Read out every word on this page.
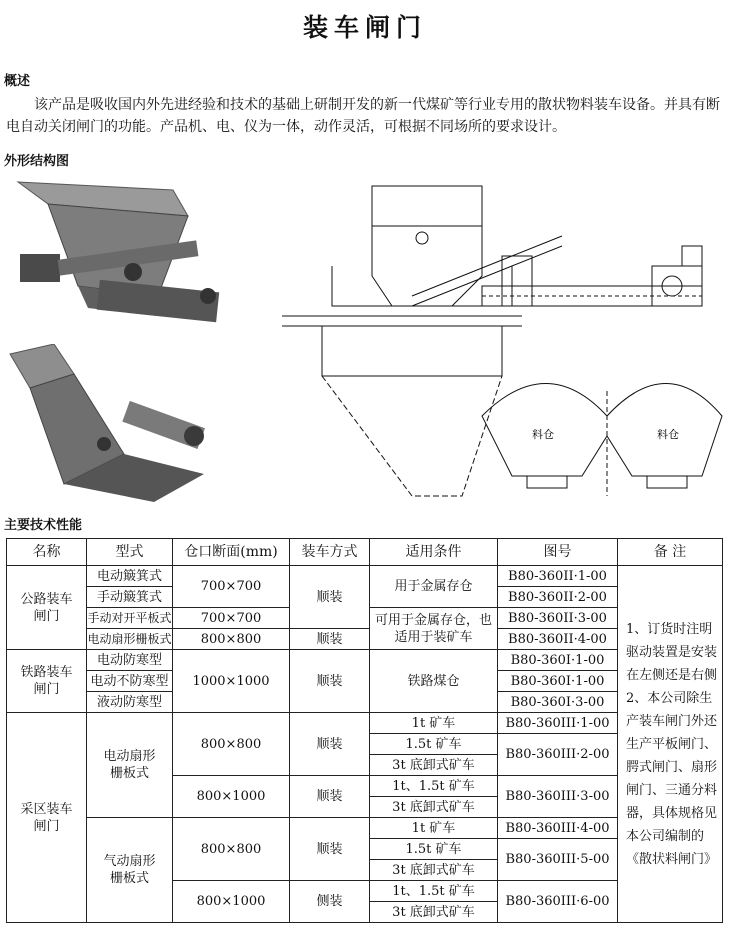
装车闸门
概述

该产品是吸收国内外先进经验和技术的基础上研制开发的新一代煤矿等行业专用的散状物料装车设备。并具有断电自动关闭闸门的功能。产品机、电、仪为一体，动作灵活，可根据不同场所的要求设计。

外形结构图
料仓	料仓
主要技术性能
名称	型式	仓口断面(mm)	装车方式	适用条件	图号	备 注
公路装车闸门	电动簸箕式	700×700	顺装	用于金属存仓	B80-360II·1-00	1、订货时注明驱动装置是安装在左侧还是右侧 2、本公司除生产装车闸门外还生产平板闸门、腭式闸门、扇形闸门、三通分料器，具体规格见本公司编制的《散状料闸门》
	手动簸箕式				B80-360II·2-00	
	手动对开平板式	700×700		可用于金属存仓，也适用于装矿车	B80-360II·3-00	
	电动扇形栅板式	800×800	顺装		B80-360II·4-00	
铁路装车闸门	电动防寒型	1000×1000	顺装	铁路煤仓	B80-360I·1-00	
	电动不防寒型				B80-360I·1-00	
	液动防寒型				B80-360I·3-00	
采区装车闸门	电动扇形栅板式	800×800	顺装	1t 矿车	B80-360III·1-00	
				1.5t 矿车	B80-360III·2-00	
				3t 底卸式矿车		
		800×1000	顺装	1t、1.5t 矿车	B80-360III·3-00	
				3t 底卸式矿车		
	气动扇形栅板式	800×800	顺装	1t 矿车	B80-360III·4-00	
				1.5t 矿车	B80-360III·5-00	
				3t 底卸式矿车		
		800×1000	侧装	1t、1.5t 矿车	B80-360III·6-00	
				3t 底卸式矿车		
